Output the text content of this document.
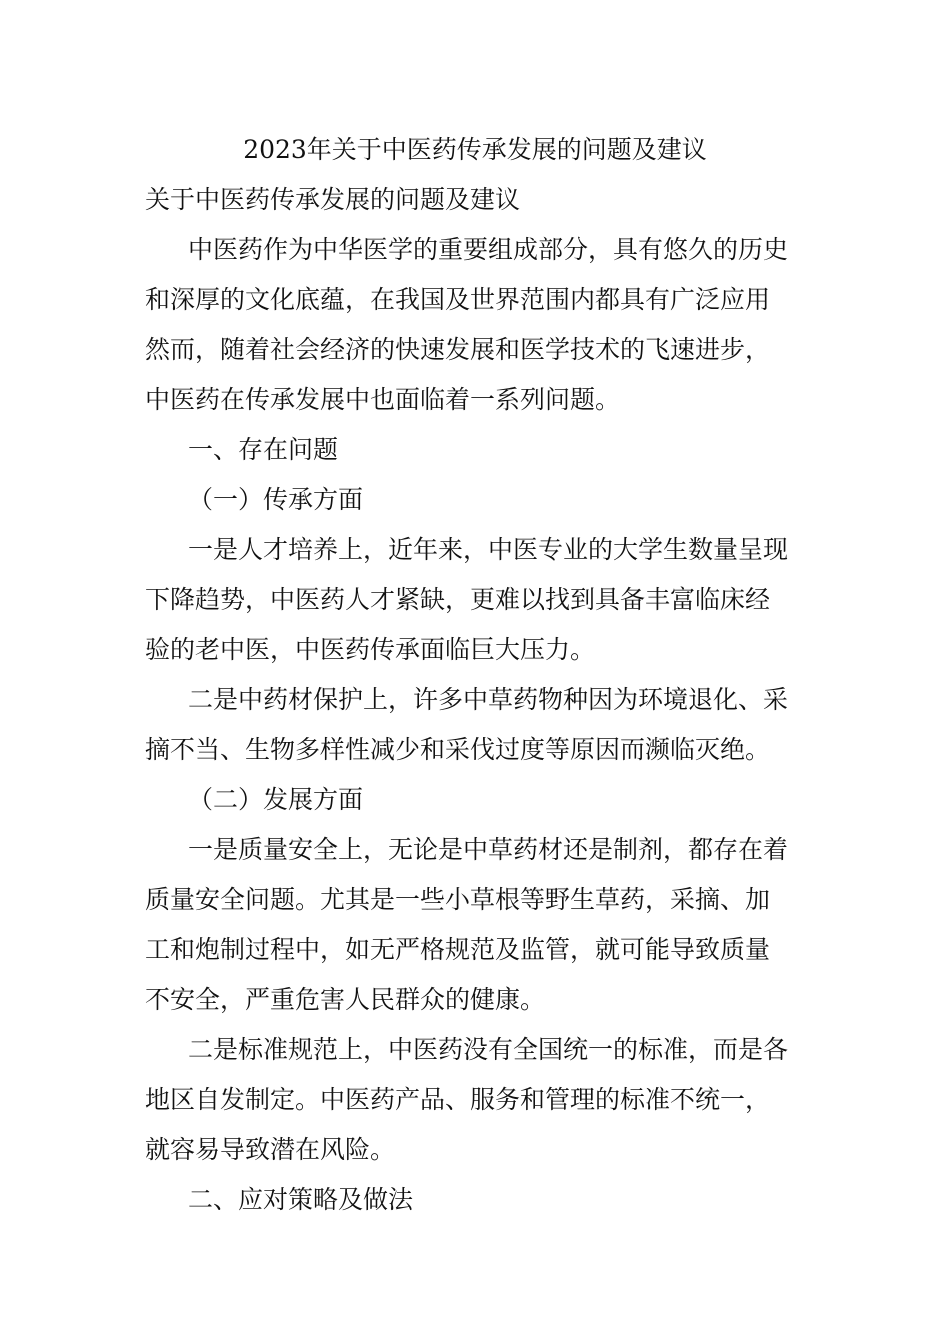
2023年关于中医药传承发展的问题及建议
关于中医药传承发展的问题及建议
中医药作为中华医学的重要组成部分，具有悠久的历史
和深厚的文化底蕴，在我国及世界范围内都具有广泛应用
然而，随着社会经济的快速发展和医学技术的飞速进步，
中医药在传承发展中也面临着一系列问题。
一、存在问题
（一）传承方面
一是人才培养上，近年来，中医专业的大学生数量呈现
下降趋势，中医药人才紧缺，更难以找到具备丰富临床经
验的老中医，中医药传承面临巨大压力。
二是中药材保护上，许多中草药物种因为环境退化、采
摘不当、生物多样性减少和采伐过度等原因而濒临灭绝。
（二）发展方面
一是质量安全上，无论是中草药材还是制剂，都存在着
质量安全问题。尤其是一些小草根等野生草药，采摘、加
工和炮制过程中，如无严格规范及监管，就可能导致质量
不安全，严重危害人民群众的健康。
二是标准规范上，中医药没有全国统一的标准，而是各
地区自发制定。中医药产品、服务和管理的标准不统一，
就容易导致潜在风险。
二、应对策略及做法
